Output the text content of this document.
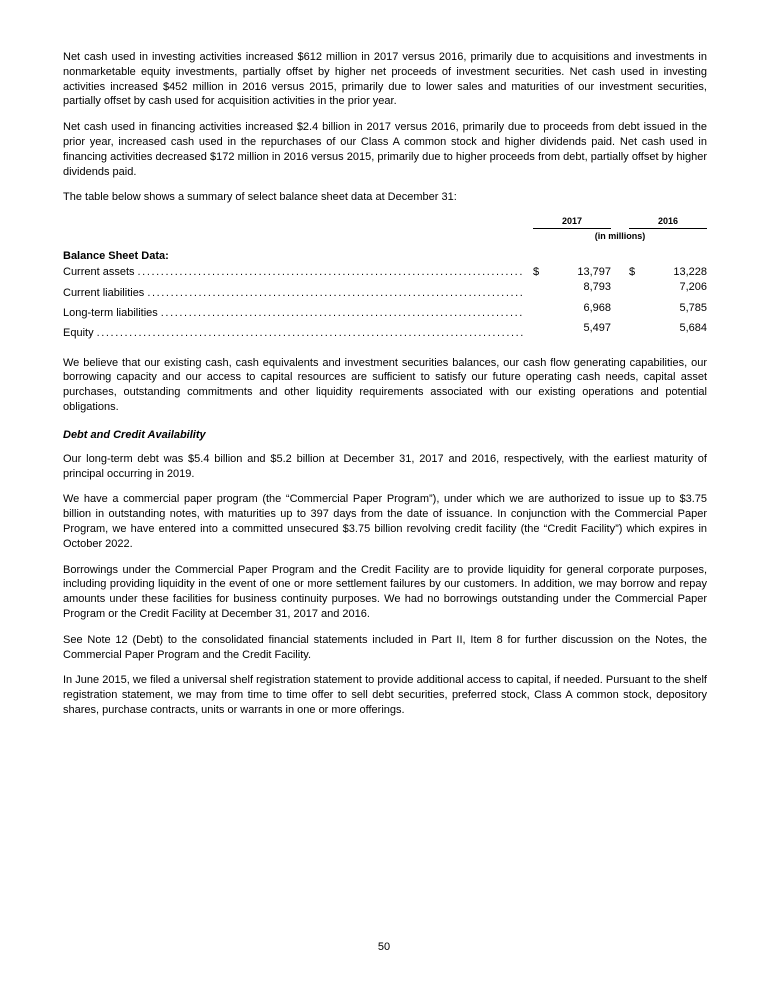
Net cash used in investing activities increased $612 million in 2017 versus 2016, primarily due to acquisitions and investments in nonmarketable equity investments, partially offset by higher net proceeds of investment securities. Net cash used in investing activities increased $452 million in 2016 versus 2015, primarily due to lower sales and maturities of our investment securities, partially offset by cash used for acquisition activities in the prior year.

Net cash used in financing activities increased $2.4 billion in 2017 versus 2016, primarily due to proceeds from debt issued in the prior year, increased cash used in the repurchases of our Class A common stock and higher dividends paid. Net cash used in financing activities decreased $172 million in 2016 versus 2015, primarily due to higher proceeds from debt, partially offset by higher dividends paid.

The table below shows a summary of select balance sheet data at December 31:

2017	2016
(in millions)
Balance Sheet Data:
Current assets .....	$	13,797 $	13,228
Current liabilities .....	8,793	7,206
Long-term liabilities .....	6,968	5,785
Equity .....	5,497	5,684

We believe that our existing cash, cash equivalents and investment securities balances, our cash flow generating capabilities, our borrowing capacity and our access to capital resources are sufficient to satisfy our future operating cash needs, capital asset purchases, outstanding commitments and other liquidity requirements associated with our existing operations and potential obligations.

Debt and Credit Availability

Our long-term debt was $5.4 billion and $5.2 billion at December 31, 2017 and 2016, respectively, with the earliest maturity of principal occurring in 2019.

We have a commercial paper program (the “Commercial Paper Program”), under which we are authorized to issue up to $3.75 billion in outstanding notes, with maturities up to 397 days from the date of issuance. In conjunction with the Commercial Paper Program, we have entered into a committed unsecured $3.75 billion revolving credit facility (the “Credit Facility”) which expires in October 2022.

Borrowings under the Commercial Paper Program and the Credit Facility are to provide liquidity for general corporate purposes, including providing liquidity in the event of one or more settlement failures by our customers. In addition, we may borrow and repay amounts under these facilities for business continuity purposes. We had no borrowings outstanding under the Commercial Paper Program or the Credit Facility at December 31, 2017 and 2016.

See Note 12 (Debt) to the consolidated financial statements included in Part II, Item 8 for further discussion on the Notes, the Commercial Paper Program and the Credit Facility.

In June 2015, we filed a universal shelf registration statement to provide additional access to capital, if needed. Pursuant to the shelf registration statement, we may from time to time offer to sell debt securities, preferred stock, Class A common stock, depository shares, purchase contracts, units or warrants in one or more offerings.

50
